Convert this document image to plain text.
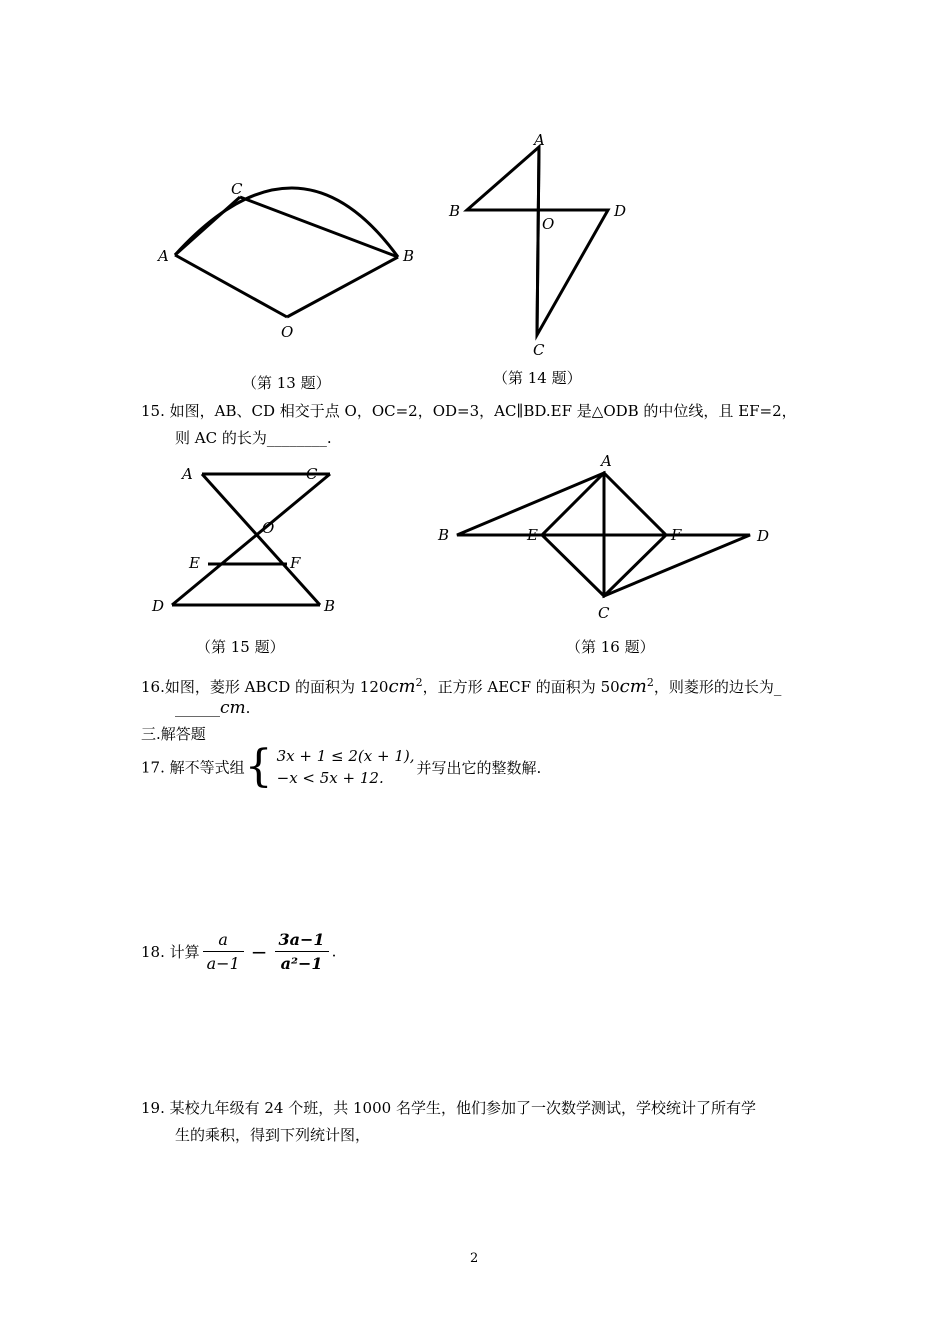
A
C
B
O
（第 13 题）
A
B	D
O
C
（第 14 题）
15. 如图，AB、CD 相交于点 O，OC=2，OD=3，AC∥BD.EF 是△ODB 的中位线，且 EF=2，
则 AC 的长为________.
A	C
O
E	F
D	B
（第 15 题）
A
B	E	F	D
C
（第 16 题）
16.如图，菱形 ABCD 的面积为 $120cm^2$，正方形 AECF 的面积为 $50cm^2$，则菱形的边长为_
______cm.
三.解答题
17. 解不等式组{ 3x + 1 ≤ 2(x + 1),
−x < 5x + 12.
并写出它的整数解.
18. 计算 $\frac{a}{a-1} - \frac{3a-1}{\text{a²−1}}$ .
19. 某校九年级有 24 个班，共 1000 名学生，他们参加了一次数学测试，学校统计了所有学
生的乘积，得到下列统计图，
2
